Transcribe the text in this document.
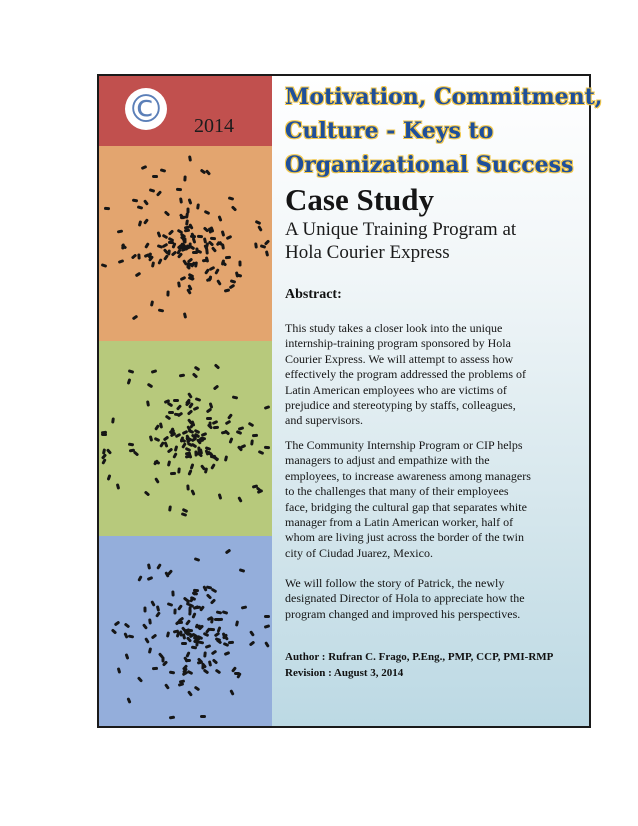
© 2014
Motivation, Commitment,
Culture - Keys to
Organizational Success
Case Study
A Unique Training Program at
Hola Courier Express
Abstract:
This study takes a closer look into the unique
internship-training program sponsored by Hola
Courier Express. We will attempt to assess how
effectively the program addressed the problems of
Latin American employees who are victims of
prejudice and stereotyping by staffs, colleagues,
and supervisors.
The Community Internship Program or CIP helps
managers to adjust and empathize with the
employees, to increase awareness among managers
to the challenges that many of their employees
face, bridging the cultural gap that separates white
manager from a Latin American worker, half of
whom are living just across the border of the twin
city of Ciudad Juarez, Mexico.
We will follow the story of Patrick, the newly
designated Director of Hola to appreciate how the
program changed and improved his perspectives.
Author : Rufran C. Frago, P.Eng., PMP, CCP, PMI-RMP
Revision : August 3, 2014
